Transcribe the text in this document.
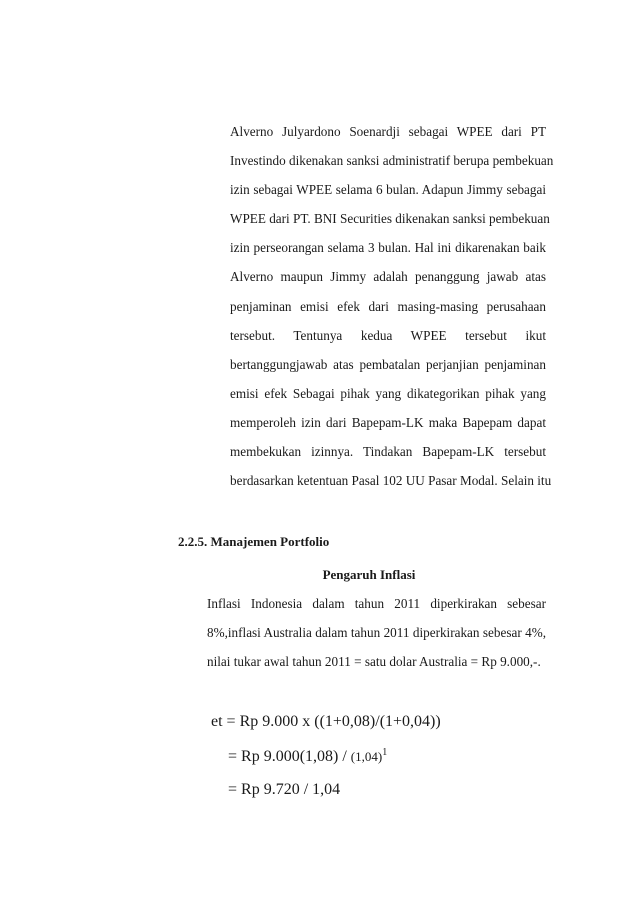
Alverno Julyardono Soenardji sebagai WPEE dari PT
Investindo dikenakan sanksi administratif berupa pembekuan
izin sebagai WPEE selama 6 bulan. Adapun Jimmy sebagai
WPEE dari PT. BNI Securities dikenakan sanksi pembekuan
izin perseorangan selama 3 bulan. Hal ini dikarenakan baik
Alverno maupun Jimmy adalah penanggung jawab atas
penjaminan emisi efek dari masing-masing perusahaan
tersebut. Tentunya kedua WPEE tersebut ikut
bertanggungjawab atas pembatalan perjanjian penjaminan
emisi efek Sebagai pihak yang dikategorikan pihak yang
memperoleh izin dari Bapepam-LK maka Bapepam dapat
membekukan izinnya. Tindakan Bapepam-LK tersebut
berdasarkan ketentuan Pasal 102 UU Pasar Modal. Selain itu
2.2.5. Manajemen Portfolio
Pengaruh Inflasi
Inflasi Indonesia dalam tahun 2011 diperkirakan sebesar
8%,inflasi Australia dalam tahun 2011 diperkirakan sebesar 4%,
nilai tukar awal tahun 2011 = satu dolar Australia = Rp 9.000,-.
et = Rp 9.000 x ((1+0,08)/(1+0,04))
= Rp $9.000(1,08) / (1,04)^1$
= Rp 9.720 / 1,04
